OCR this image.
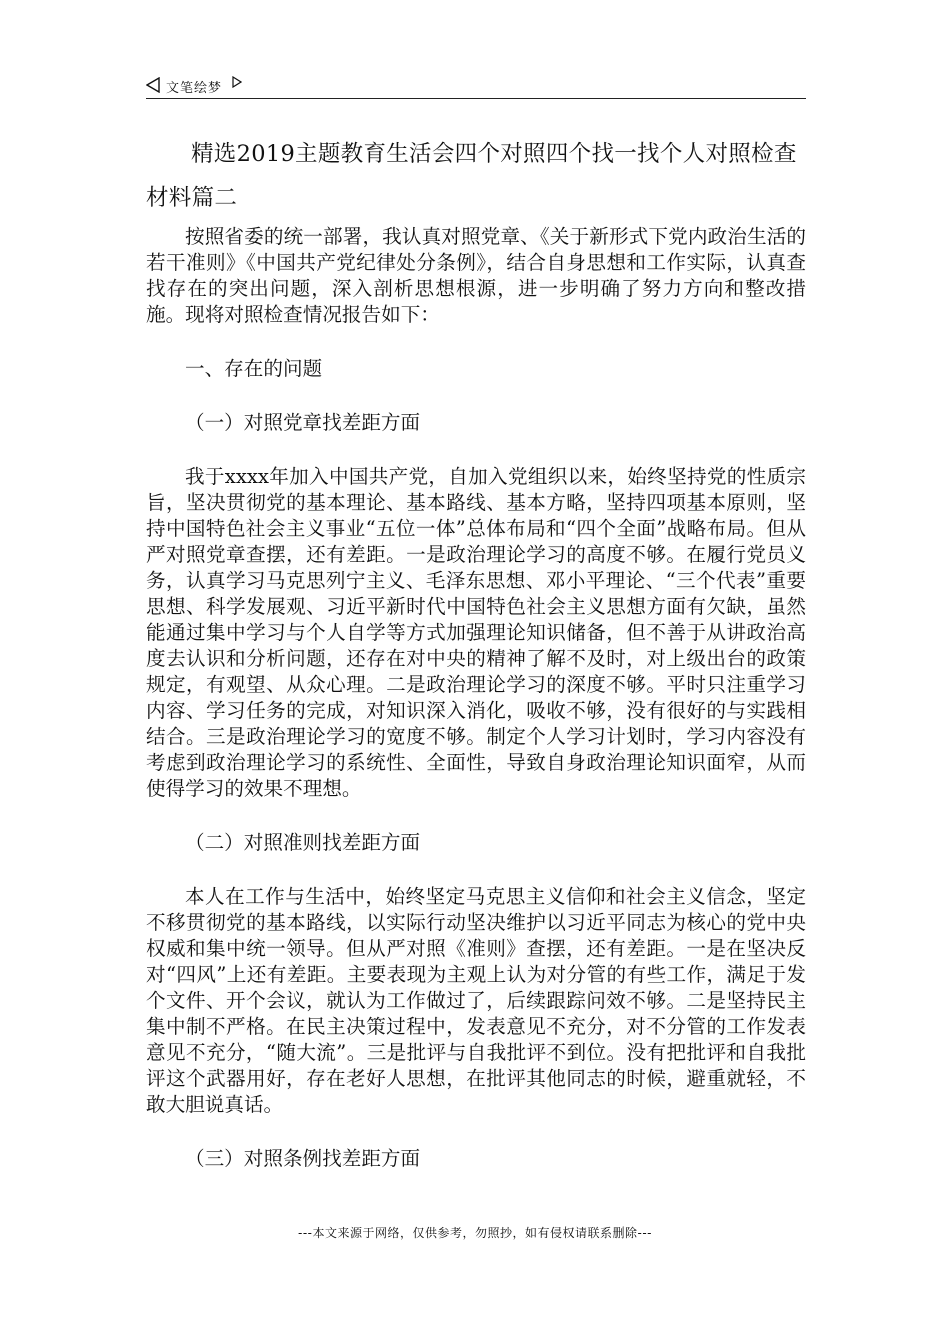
文笔绘梦
精选2019主题教育生活会四个对照四个找一找个人对照检查材料篇二

按照省委的统一部署，我认真对照党章、《关于新形式下党内政治生活的若干准则》《中国共产党纪律处分条例》，结合自身思想和工作实际，认真查找存在的突出问题，深入剖析思想根源，进一步明确了努力方向和整改措施。现将对照检查情况报告如下：

一、存在的问题

（一）对照党章找差距方面

我于xxxx年加入中国共产党，自加入党组织以来，始终坚持党的性质宗旨，坚决贯彻党的基本理论、基本路线、基本方略，坚持四项基本原则，坚持中国特色社会主义事业“五位一体”总体布局和“四个全面”战略布局。但从严对照党章查摆，还有差距。一是政治理论学习的高度不够。在履行党员义务，认真学习马克思列宁主义、毛泽东思想、邓小平理论、“三个代表”重要思想、科学发展观、习近平新时代中国特色社会主义思想方面有欠缺，虽然能通过集中学习与个人自学等方式加强理论知识储备，但不善于从讲政治高度去认识和分析问题，还存在对中央的精神了解不及时，对上级出台的政策规定，有观望、从众心理。二是政治理论学习的深度不够。平时只注重学习内容、学习任务的完成，对知识深入消化，吸收不够，没有很好的与实践相结合。三是政治理论学习的宽度不够。制定个人学习计划时，学习内容没有考虑到政治理论学习的系统性、全面性，导致自身政治理论知识面窄，从而使得学习的效果不理想。

（二）对照准则找差距方面

本人在工作与生活中，始终坚定马克思主义信仰和社会主义信念，坚定不移贯彻党的基本路线，以实际行动坚决维护以习近平同志为核心的党中央权威和集中统一领导。但从严对照《准则》查摆，还有差距。一是在坚决反对“四风”上还有差距。主要表现为主观上认为对分管的有些工作，满足于发个文件、开个会议，就认为工作做过了，后续跟踪问效不够。二是坚持民主集中制不严格。在民主决策过程中，发表意见不充分，对不分管的工作发表意见不充分，“随大流”。三是批评与自我批评不到位。没有把批评和自我批评这个武器用好，存在老好人思想，在批评其他同志的时候，避重就轻，不敢大胆说真话。

（三）对照条例找差距方面

---本文来源于网络，仅供参考，勿照抄，如有侵权请联系删除---
